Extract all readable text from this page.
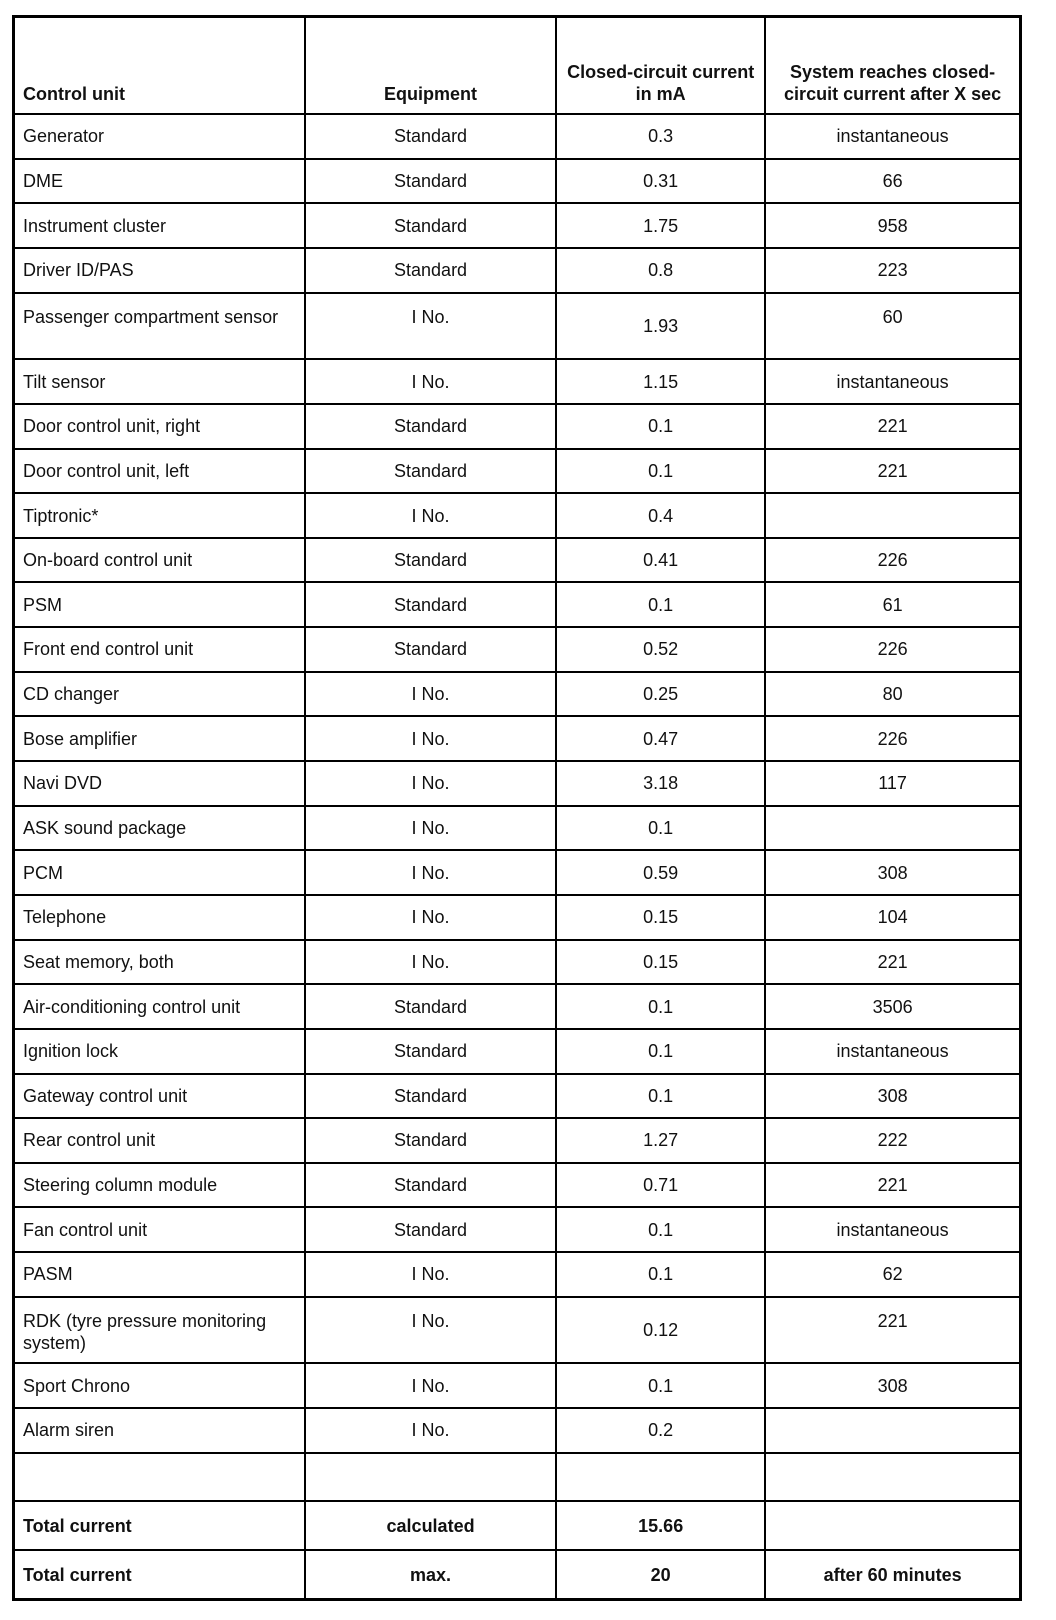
Control unit	Equipment	Closed-circuit current in mA	System reaches closed-circuit current after X sec
Generator	Standard	0.3	instantaneous
DME	Standard	0.31	66
Instrument cluster	Standard	1.75	958
Driver ID/PAS	Standard	0.8	223
Passenger compartment sensor	I No.	1.93	60
Tilt sensor	I No.	1.15	instantaneous
Door control unit, right	Standard	0.1	221
Door control unit, left	Standard	0.1	221
Tiptronic*	I No.	0.4	
On-board control unit	Standard	0.41	226
PSM	Standard	0.1	61
Front end control unit	Standard	0.52	226
CD changer	I No.	0.25	80
Bose amplifier	I No.	0.47	226
Navi DVD	I No.	3.18	117
ASK sound package	I No.	0.1	
PCM	I No.	0.59	308
Telephone	I No.	0.15	104
Seat memory, both	I No.	0.15	221
Air-conditioning control unit	Standard	0.1	3506
Ignition lock	Standard	0.1	instantaneous
Gateway control unit	Standard	0.1	308
Rear control unit	Standard	1.27	222
Steering column module	Standard	0.71	221
Fan control unit	Standard	0.1	instantaneous
PASM	I No.	0.1	62
RDK (tyre pressure monitoring system)	I No.	0.12	221
Sport Chrono	I No.	0.1	308
Alarm siren	I No.	0.2	

Total current	calculated	15.66	
Total current	max.	20	after 60 minutes
